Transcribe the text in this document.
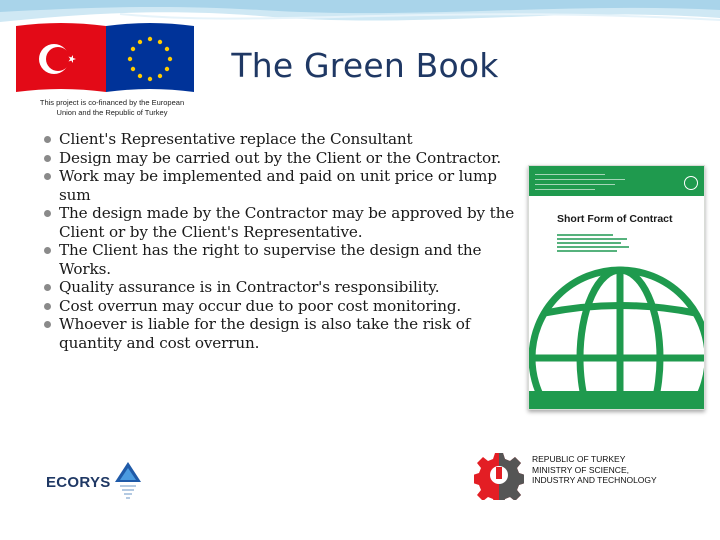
This project is co-financed by the European
Union and the Republic of Turkey
The Green Book
Client's Representative replace the Consultant
Design may be carried out by the Client or the Contractor.
Work may be implemented and paid on unit price or lump sum
The design made by the Contractor may be approved by the Client or by the Client's Representative.
The Client has the right to supervise the design and the Works.
Quality assurance is in Contractor's responsibility.
Cost overrun may occur due to poor cost monitoring.
Whoever is liable for the design is also take the risk of quantity and cost overrun.
Short Form of Contract
ECORYS
REPUBLIC OF TURKEY
MINISTRY OF SCIENCE,
INDUSTRY AND TECHNOLOGY
